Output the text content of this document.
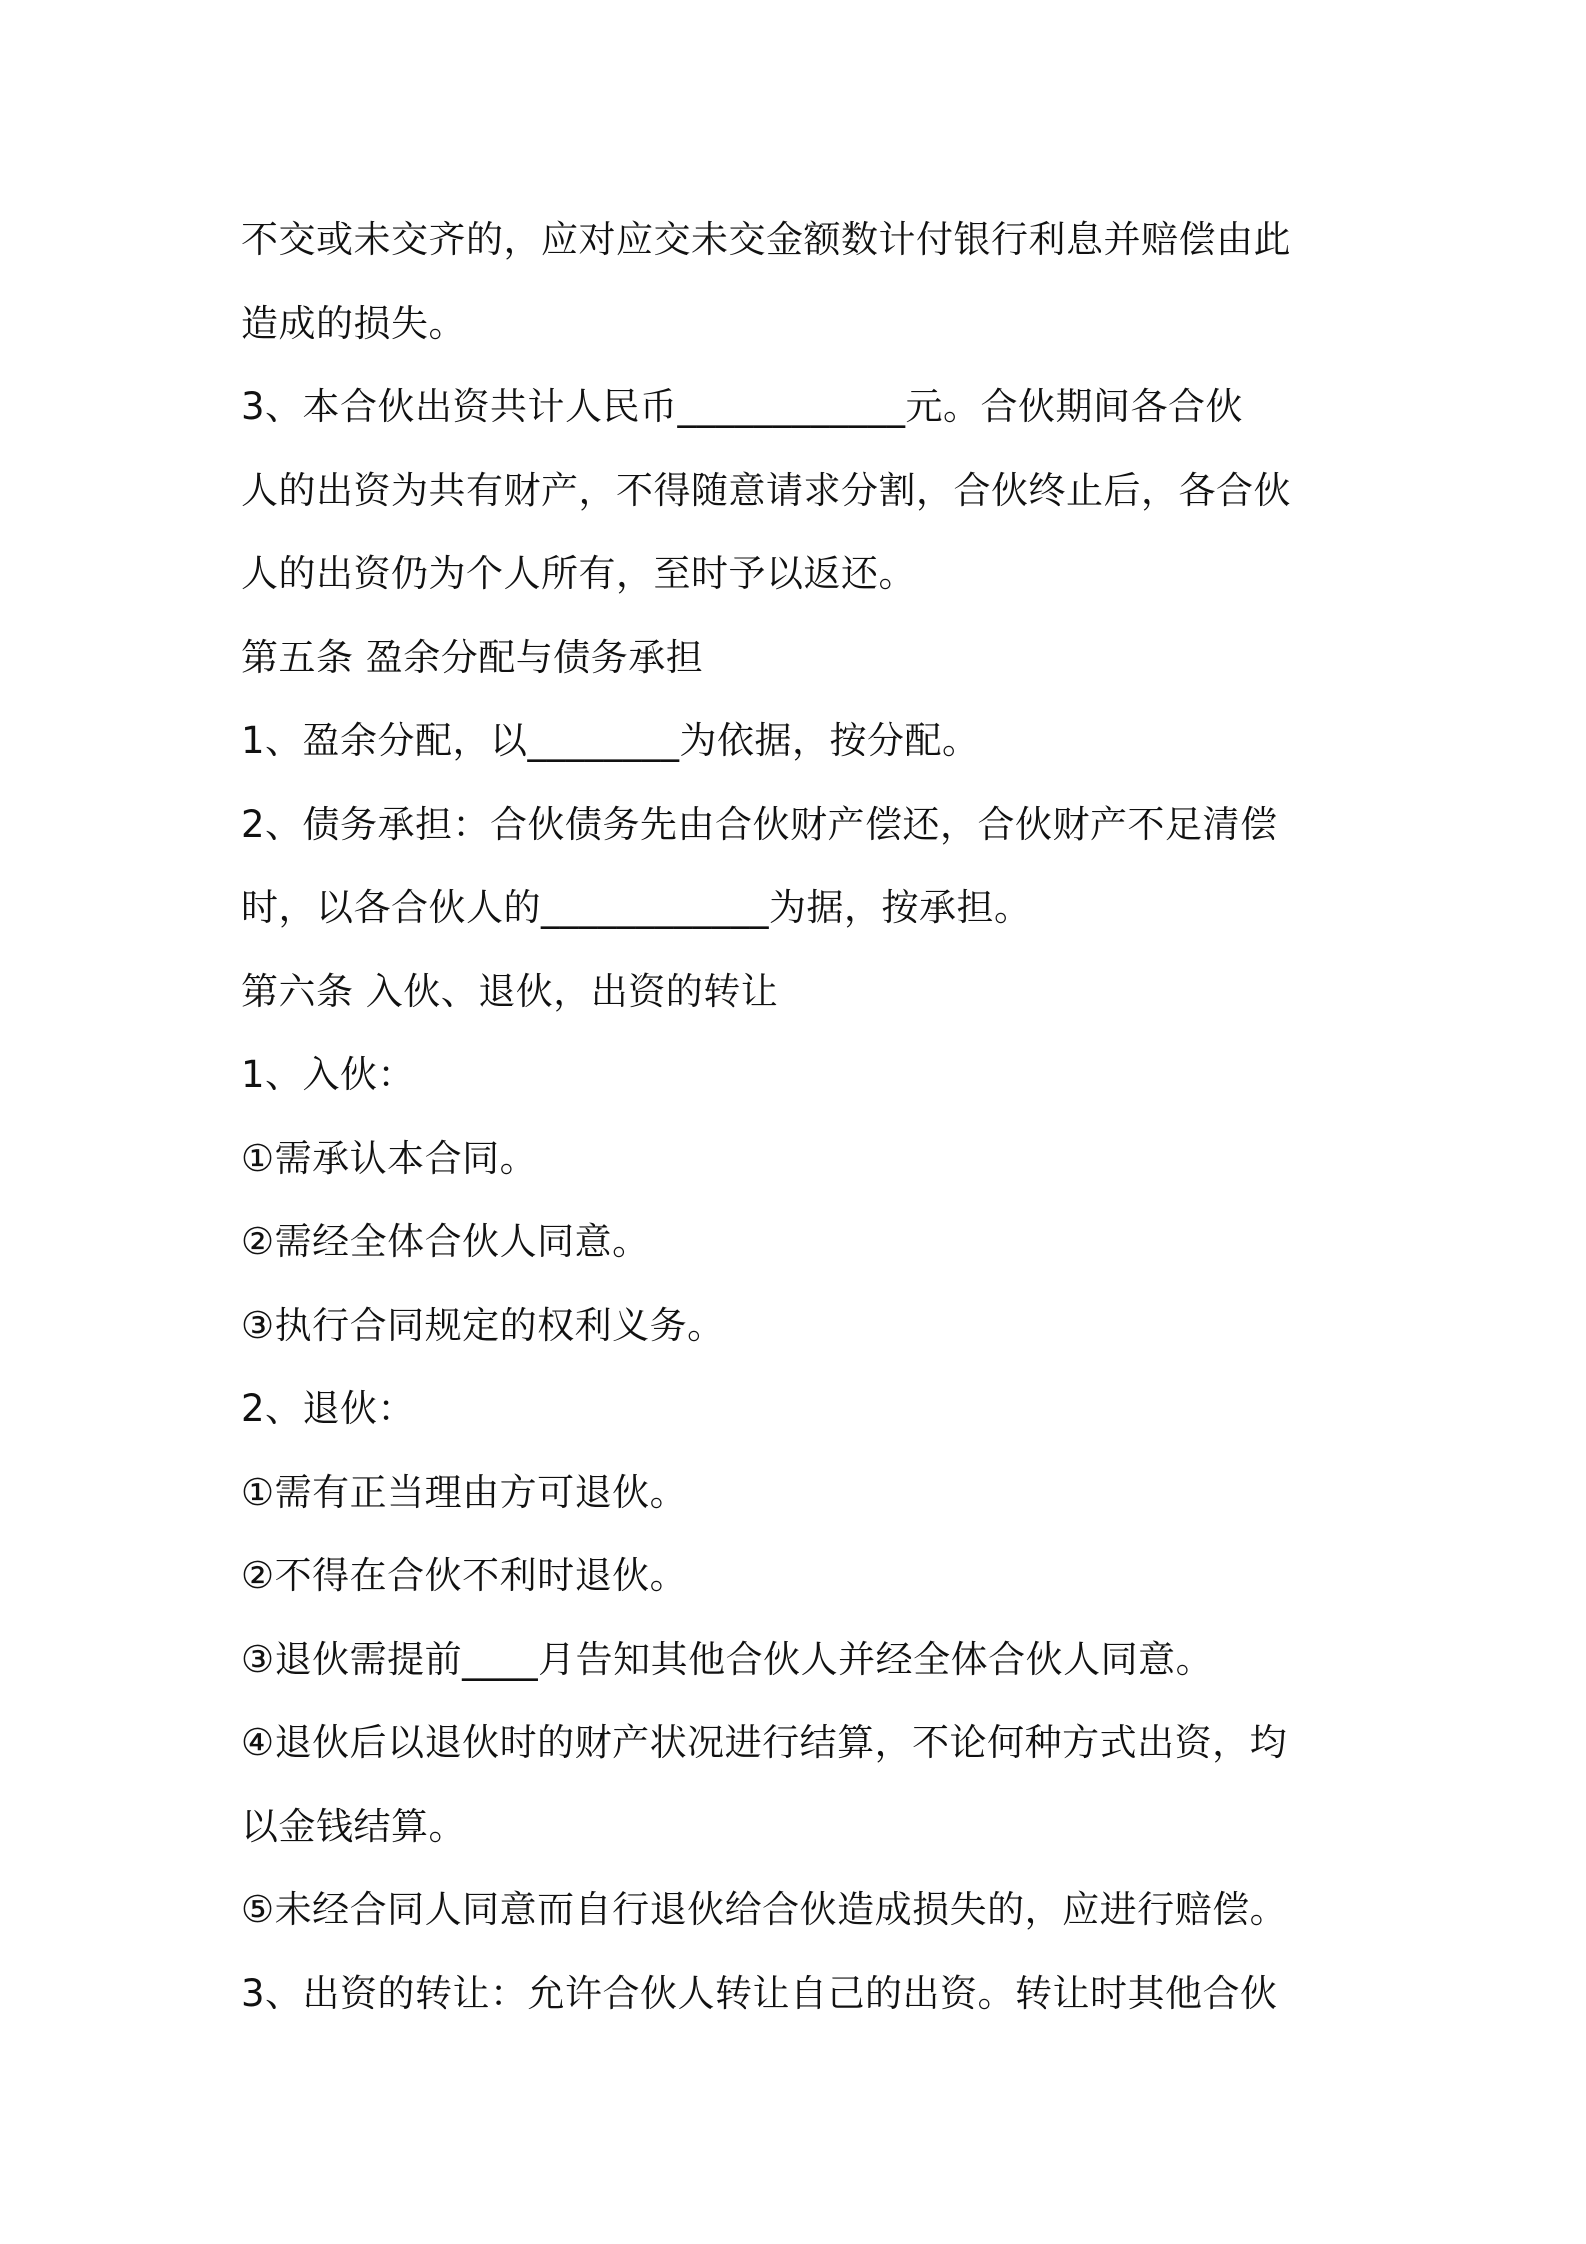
不交或未交齐的，应对应交未交金额数计付银行利息并赔偿由此
造成的损失。
3、本合伙出资共计人民币____________元。合伙期间各合伙
人的出资为共有财产，不得随意请求分割，合伙终止后，各合伙
人的出资仍为个人所有，至时予以返还。
第五条 盈余分配与债务承担
1、盈余分配，以________为依据，按分配。
2、债务承担：合伙债务先由合伙财产偿还，合伙财产不足清偿
时，以各合伙人的____________为据，按承担。
第六条 入伙、退伙，出资的转让
1、入伙：
①需承认本合同。
②需经全体合伙人同意。
③执行合同规定的权利义务。
2、退伙：
①需有正当理由方可退伙。
②不得在合伙不利时退伙。
③退伙需提前____月告知其他合伙人并经全体合伙人同意。
④退伙后以退伙时的财产状况进行结算，不论何种方式出资，均
以金钱结算。
⑤未经合同人同意而自行退伙给合伙造成损失的，应进行赔偿。
3、出资的转让：允许合伙人转让自己的出资。转让时其他合伙
